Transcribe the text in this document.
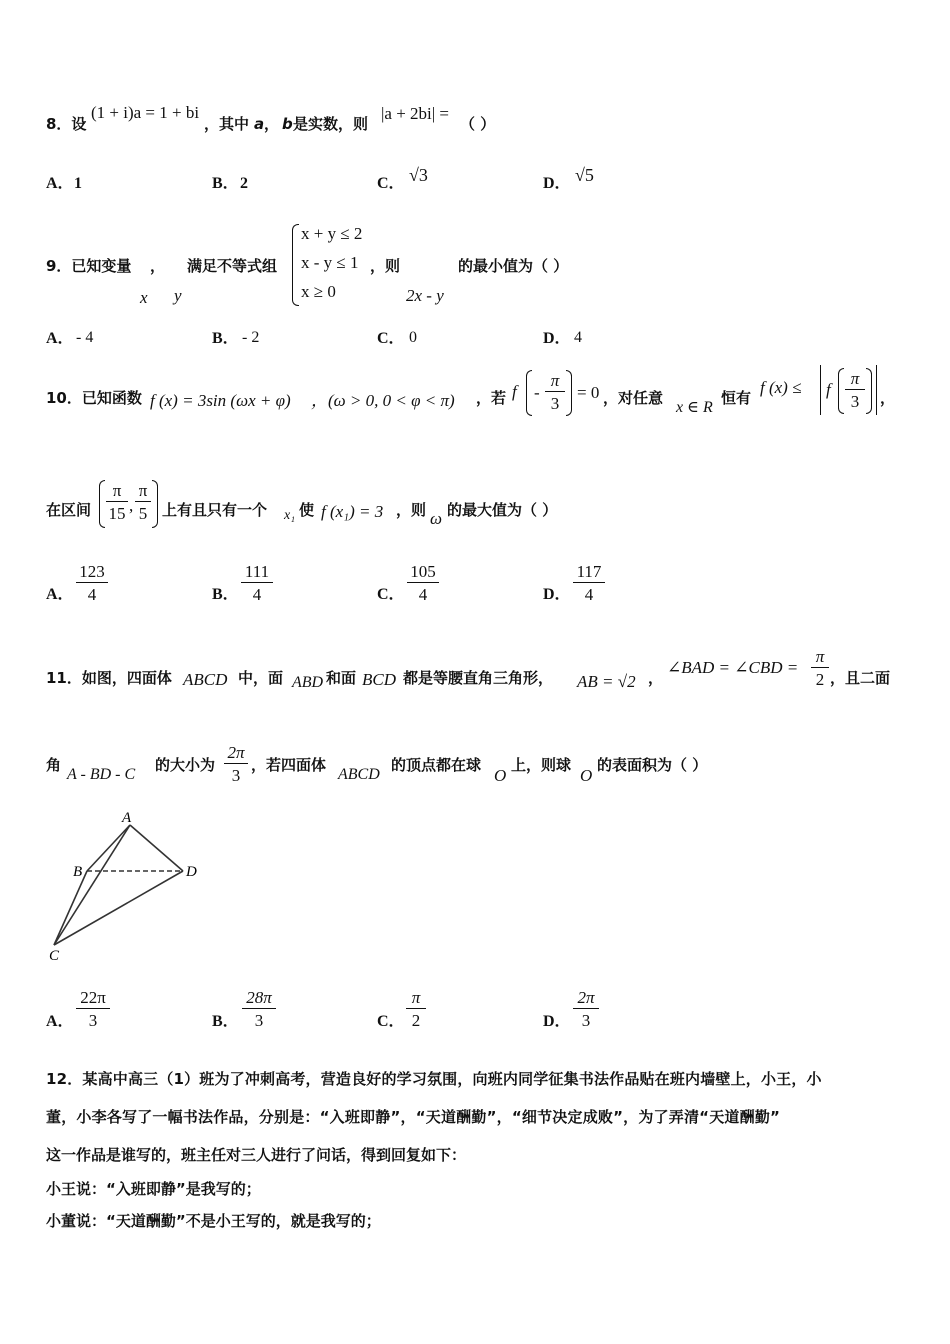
8．设
(1 + i)a = 1 + bi
，其中 a ， b 是实数，则
|a + 2bi| =
（ ）
A． 1	B． 2	C． √3	D． √5
9．已知变量 ， 满足不等式组
x y
x + y ≤ 2
x - y ≤ 1
x ≥ 0
，则
2x - y
的最小值为（ ）
A． - 4	B． - 2	C． 0	D． 4
10．已知函数 f (x) = 3sin (ωx + φ) ，(ω > 0, 0 < φ < π) ，若 $f - \frac{\pi}{3} = 0$ ，对任意
x ∈ R
恒有
f (x) ≤ f $\frac{\pi}{3}$ ，
在区间 $\frac{\pi}{15}$ , $\frac{\pi}{5}$ 上有且只有一个 x₁ 使 f (x₁) = 3 ，则 ω 的最大值为（ ）
A． $\frac{123}{4}$	B． $\frac{111}{4}$	C． $\frac{105}{4}$	D． $\frac{117}{4}$
11．如图，四面体 ABCD 中，面 ABD 和面 BCD 都是等腰直角三角形， AB = √2 ，
∠BAD = ∠CBD = $\frac{\pi}{2}$ ，且二面
角
A - BD - C
的大小为 $\frac{2\pi}{3}$ ，若四面体
ABCD
的顶点都在球
O
上，则球
O
的表面积为（ ）
A
B	D
C
A． $\frac{22\pi}{3}$	B． $\frac{28\pi}{3}$	C． $\frac{\pi}{2}$	D． $\frac{2\pi}{3}$
12．某高中高三（1）班为了冲刺高考，营造良好的学习氛围，向班内同学征集书法作品贴在班内墙壁上，小王，小
董，小李各写了一幅书法作品，分别是：“入班即静”，“天道酬勤”，“细节决定成败”，为了弄清“天道酬勤”
这一作品是谁写的，班主任对三人进行了问话，得到回复如下：
小王说：“入班即静”是我写的；
小董说：“天道酬勤”不是小王写的，就是我写的；
